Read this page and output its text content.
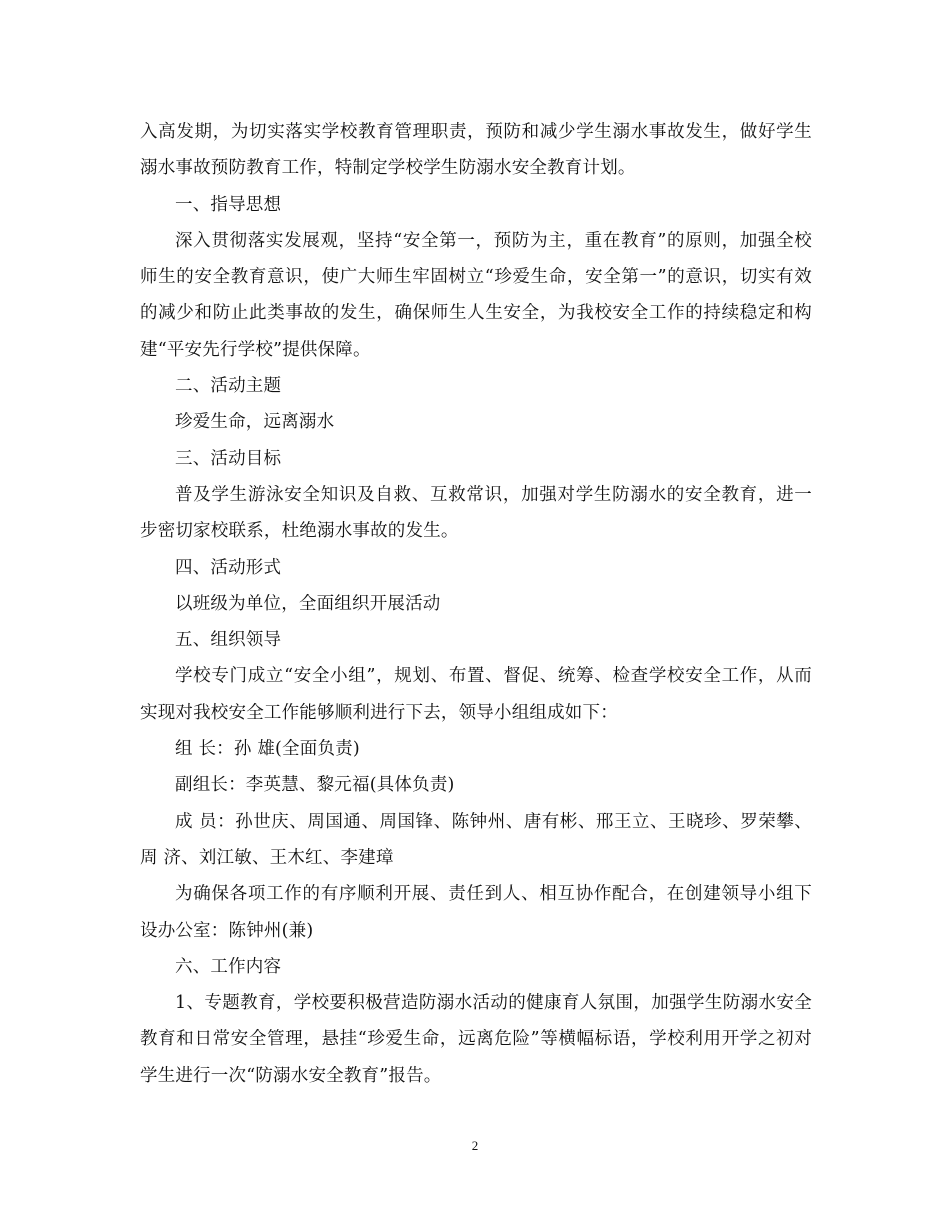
入高发期，为切实落实学校教育管理职责，预防和减少学生溺水事故发生，做好学生溺水事故预防教育工作，特制定学校学生防溺水安全教育计划。

一、指导思想

深入贯彻落实发展观，坚持“安全第一，预防为主，重在教育”的原则，加强全校师生的安全教育意识，使广大师生牢固树立“珍爱生命，安全第一”的意识，切实有效的减少和防止此类事故的发生，确保师生人生安全，为我校安全工作的持续稳定和构建“平安先行学校”提供保障。

二、活动主题

珍爱生命，远离溺水

三、活动目标

普及学生游泳安全知识及自救、互救常识，加强对学生防溺水的安全教育，进一步密切家校联系，杜绝溺水事故的发生。

四、活动形式

以班级为单位，全面组织开展活动

五、组织领导

学校专门成立“安全小组”，规划、布置、督促、统筹、检查学校安全工作，从而实现对我校安全工作能够顺利进行下去，领导小组组成如下：

组 长：孙 雄(全面负责)

副组长：李英慧、黎元福(具体负责)

成 员：孙世庆、周国通、周国锋、陈钟州、唐有彬、邢王立、王晓珍、罗荣攀、周 济、刘江敏、王木红、李建璋

为确保各项工作的有序顺利开展、责任到人、相互协作配合，在创建领导小组下设办公室：陈钟州(兼)

六、工作内容

1、专题教育，学校要积极营造防溺水活动的健康育人氛围，加强学生防溺水安全教育和日常安全管理，悬挂“珍爱生命，远离危险”等横幅标语，学校利用开学之初对学生进行一次“防溺水安全教育”报告。

2
